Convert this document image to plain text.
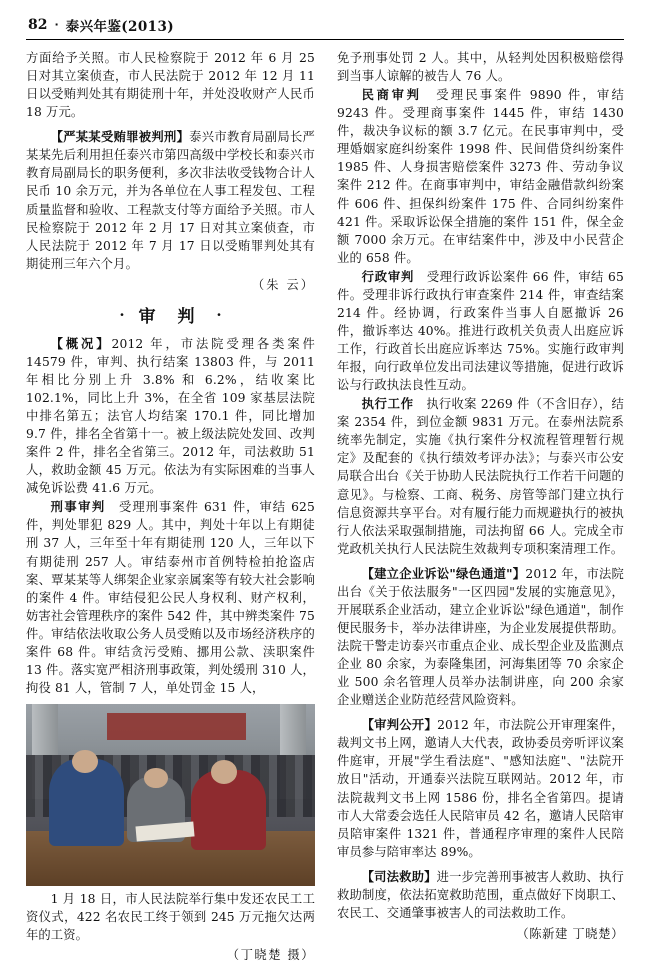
82 · 泰兴年鉴(2013)

方面给予关照。市人民检察院于 2012 年 6 月 25 日对其立案侦查，市人民法院于 2012 年 12 月 11 日以受贿判处其有期徒刑十年，并处没收财产人民币 18 万元。

【严某某受贿罪被判刑】泰兴市教育局副局长严某某先后利用担任泰兴市第四高级中学校长和泰兴市教育局副局长的职务便利，多次非法收受钱物合计人民币 10 余万元，并为各单位在人事工程发包、工程质量监督和验收、工程款支付等方面给予关照。市人民检察院于 2012 年 2 月 17 日对其立案侦查，市人民法院于 2012 年 7 月 17 日以受贿罪判处其有期徒刑三年六个月。

（朱 云）
· 审 判 ·

【概况】2012 年，市法院受理各类案件 14579 件，审判、执行结案 13803 件，与 2011 年相比分别上升 3.8% 和 6.2%，结收案比 102.1%，同比上升 3%，在全省 109 家基层法院中排名第五；法官人均结案 170.1 件，同比增加 9.7 件，排名全省第十一。被上级法院处发回、改判案件 2 件，排名全省第三。2012 年，司法救助 51 人，救助金额 45 万元。依法为有实际困难的当事人减免诉讼费 41.6 万元。

刑事审判　 受理刑事案件 631 件，审结 625 件，判处罪犯 829 人。其中，判处十年以上有期徒刑 37 人，三年至十年有期徒刑 120 人，三年以下有期徒刑 257 人。审结泰州市首例特检拍抢盗店案、覃某某等人绑架企业家亲属案等有较大社会影响的案件 4 件。审结侵犯公民人身权利、财产权利，妨害社会管理秩序的案件 542 件，其中辨类案件 75 件。审结依法收取公务人员受贿以及市场经济秩序的案件 68 件。审结贪污受贿、挪用公款、渎职案件 13 件。落实宽严相济刑事政策，判处缓刑 310 人，拘役 81 人，管制 7 人，单处罚金 15 人，

1 月 18 日，市人民法院举行集中发还农民工工资仪式，422 名农民工终于领到 245 万元拖欠达两年的工资。
（丁晓楚 摄）

免予刑事处罚 2 人。其中，从轻判处因积极赔偿得到当事人谅解的被告人 76 人。

民商审判　 受理民事案件 9890 件，审结 9243 件。受理商事案件 1445 件，审结 1430 件，裁决争议标的额 3.7 亿元。在民事审判中，受理婚姻家庭纠纷案件 1998 件、民间借贷纠纷案件 1985 件、人身损害赔偿案件 3273 件、劳动争议案件 212 件。在商事审判中，审结金融借款纠纷案件 606 件、担保纠纷案件 175 件、合同纠纷案件 421 件。采取诉讼保全措施的案件 151 件，保全金额 7000 余万元。在审结案件中，涉及中小民营企业的 658 件。

行政审判　 受理行政诉讼案件 66 件，审结 65 件。受理非诉行政执行审查案件 214 件，审查结案 214 件。经协调，行政案件当事人自愿撤诉 26 件，撤诉率达 40%。推进行政机关负责人出庭应诉工作，行政首长出庭应诉率达 75%。实施行政审判年报，向行政单位发出司法建议等措施，促进行政诉讼与行政执法良性互动。

执行工作　 执行收案 2269 件（不含旧存），结案 2354 件，到位金额 9831 万元。在泰州法院系统率先制定，实施《执行案件分权流程管理暂行规定》及配套的《执行绩效考评办法》；与泰兴市公安局联合出台《关于协助人民法院执行工作若干问题的意见》。与检察、工商、税务、房管等部门建立执行信息资源共享平台。对有履行能力而规避执行的被执行人依法采取强制措施，司法拘留 66 人。完成全市党政机关执行人民法院生效裁判专项积案清理工作。

【建立企业诉讼"绿色通道"】2012 年，市法院出台《关于依法服务"一区四园"发展的实施意见》，开展联系企业活动，建立企业诉讼"绿色通道"，制作便民服务卡，举办法律讲座，为企业发展提供帮助。法院干警走访泰兴市重点企业、成长型企业及监测点企业 80 余家，为泰隆集团，河海集团等 70 余家企业 500 余名管理人员举办法制讲座，向 200 余家企业赠送企业防范经营风险资料。

【审判公开】2012 年，市法院公开审理案件，裁判文书上网，邀请人大代表，政协委员旁听评议案件庭审，开展"学生看法庭"、"感知法庭"、"法院开放日"活动，开通泰兴法院互联网站。2012 年，市法院裁判文书上网 1586 份，排名全省第四。提请市人大常委会选任人民陪审员 42 名，邀请人民陪审员陪审案件 1321 件，普通程序审理的案件人民陪审员参与陪审率达 89%。

【司法救助】进一步完善刑事被害人救助、执行救助制度，依法拓宽救助范围，重点做好下岗职工、农民工、交通肇事被害人的司法救助工作。

（陈新建 丁晓楚）
